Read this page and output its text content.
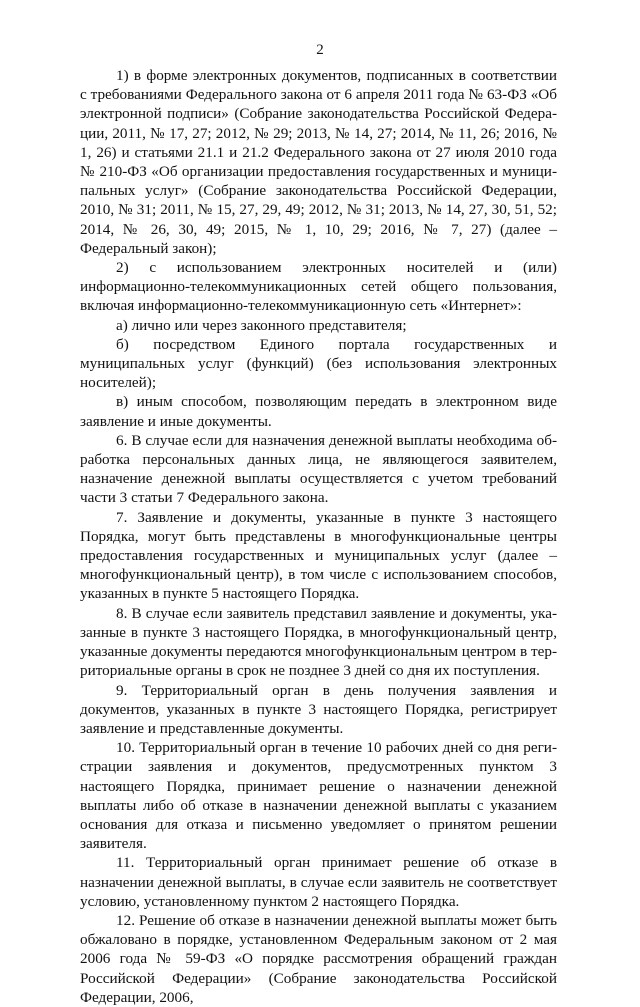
2

1) в форме электронных документов, подписанных в соответствии с требованиями Федерального закона от 6 апреля 2011 года № 63-ФЗ «Об электронной подписи» (Собрание законодательства Российской Федерации, 2011, № 17, 27; 2012, № 29; 2013, № 14, 27; 2014, № 11, 26; 2016, № 1, 26) и статьями 21.1 и 21.2 Федерального закона от 27 июля 2010 года № 210-ФЗ «Об организации предоставления государственных и муниципальных услуг» (Собрание законодательства Российской Федерации, 2010, № 31; 2011, № 15, 27, 29, 49; 2012, № 31; 2013, № 14, 27, 30, 51, 52; 2014, № 26, 30, 49; 2015, № 1, 10, 29; 2016, № 7, 27) (далее – Федеральный закон);

2) с использованием электронных носителей и (или) информационно-телекоммуникационных сетей общего пользования, включая информационно-телекоммуникационную сеть «Интернет»:

а) лично или через законного представителя;

б) посредством Единого портала государственных и муниципальных услуг (функций) (без использования электронных носителей);

в) иным способом, позволяющим передать в электронном виде заявление и иные документы.

6. В случае если для назначения денежной выплаты необходима обработка персональных данных лица, не являющегося заявителем, назначение денежной выплаты осуществляется с учетом требований части 3 статьи 7 Федерального закона.

7. Заявление и документы, указанные в пункте 3 настоящего Порядка, могут быть представлены в многофункциональные центры предоставления государственных и муниципальных услуг (далее – многофункциональный центр), в том числе с использованием способов, указанных в пункте 5 настоящего Порядка.

8. В случае если заявитель представил заявление и документы, указанные в пункте 3 настоящего Порядка, в многофункциональный центр, указанные документы передаются многофункциональным центром в территориальные органы в срок не позднее 3 дней со дня их поступления.

9. Территориальный орган в день получения заявления и документов, указанных в пункте 3 настоящего Порядка, регистрирует заявление и представленные документы.

10. Территориальный орган в течение 10 рабочих дней со дня регистрации заявления и документов, предусмотренных пунктом 3 настоящего Порядка, принимает решение о назначении денежной выплаты либо об отказе в назначении денежной выплаты с указанием основания для отказа и письменно уведомляет о принятом решении заявителя.

11. Территориальный орган принимает решение об отказе в назначении денежной выплаты, в случае если заявитель не соответствует условию, установленному пунктом 2 настоящего Порядка.

12. Решение об отказе в назначении денежной выплаты может быть обжаловано в порядке, установленном Федеральным законом от 2 мая 2006 года № 59-ФЗ «О порядке рассмотрения обращений граждан Российской Федерации» (Собрание законодательства Российской Федерации, 2006,
